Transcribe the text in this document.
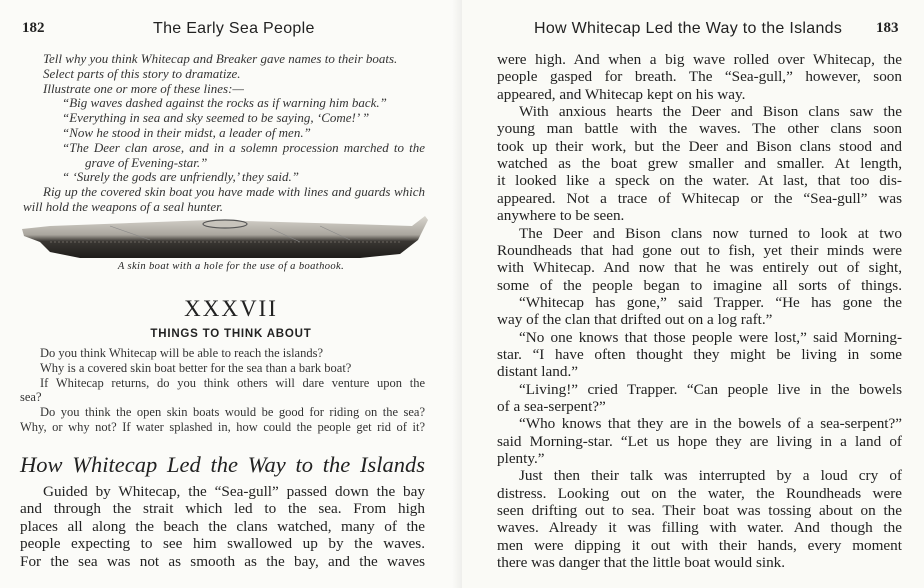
182	The Early Sea People
Tell why you think Whitecap and Breaker gave names to their boats.
Select parts of this story to dramatize.
Illustrate one or more of these lines:—
“Big waves dashed against the rocks as if warning him back.”
“Everything in sea and sky seemed to be saying, ‘Come!’ ”
“Now he stood in their midst, a leader of men.”
“The Deer clan arose, and in a solemn procession marched to the
grave of Evening-star.”
“ ‘Surely the gods are unfriendly,’ they said.”
Rig up the covered skin boat you have made with lines and guards which
will hold the weapons of a seal hunter.
A skin boat with a hole for the use of a boathook.
XXXVII
THINGS TO THINK ABOUT
Do you think Whitecap will be able to reach the islands?
Why is a covered skin boat better for the sea than a bark boat?
If Whitecap returns, do you think others will dare venture upon the
sea?
Do you think the open skin boats would be good for riding on the sea?
Why, or why not? If water splashed in, how could the people get rid of it?
How Whitecap Led the Way to the Islands
Guided by Whitecap, the “Sea-gull” passed down the bay
and through the strait which led to the sea. From high
places all along the beach the clans watched, many of the
people expecting to see him swallowed up by the waves.
For the sea was not as smooth as the bay, and the waves
How Whitecap Led the Way to the Islands 183
were high. And when a big wave rolled over Whitecap, the
people gasped for breath. The “Sea-gull,” however, soon
appeared, and Whitecap kept on his way.
With anxious hearts the Deer and Bison clans saw the
young man battle with the waves. The other clans soon
took up their work, but the Deer and Bison clans stood and
watched as the boat grew smaller and smaller. At length,
it looked like a speck on the water. At last, that too dis-
appeared. Not a trace of Whitecap or the “Sea-gull” was
anywhere to be seen.
The Deer and Bison clans now turned to look at two
Roundheads that had gone out to fish, yet their minds were
with Whitecap. And now that he was entirely out of sight,
some of the people began to imagine all sorts of things.
“Whitecap has gone,” said Trapper. “He has gone the
way of the clan that drifted out on a log raft.”
“No one knows that those people were lost,” said Morning-
star. “I have often thought they might be living in some
distant land.”
“Living!” cried Trapper. “Can people live in the bowels
of a sea-serpent?”
“Who knows that they are in the bowels of a sea-serpent?”
said Morning-star. “Let us hope they are living in a land of
plenty.”
Just then their talk was interrupted by a loud cry of
distress. Looking out on the water, the Roundheads were
seen drifting out to sea. Their boat was tossing about on the
waves. Already it was filling with water. And though the
men were dipping it out with their hands, every moment
there was danger that the little boat would sink.
